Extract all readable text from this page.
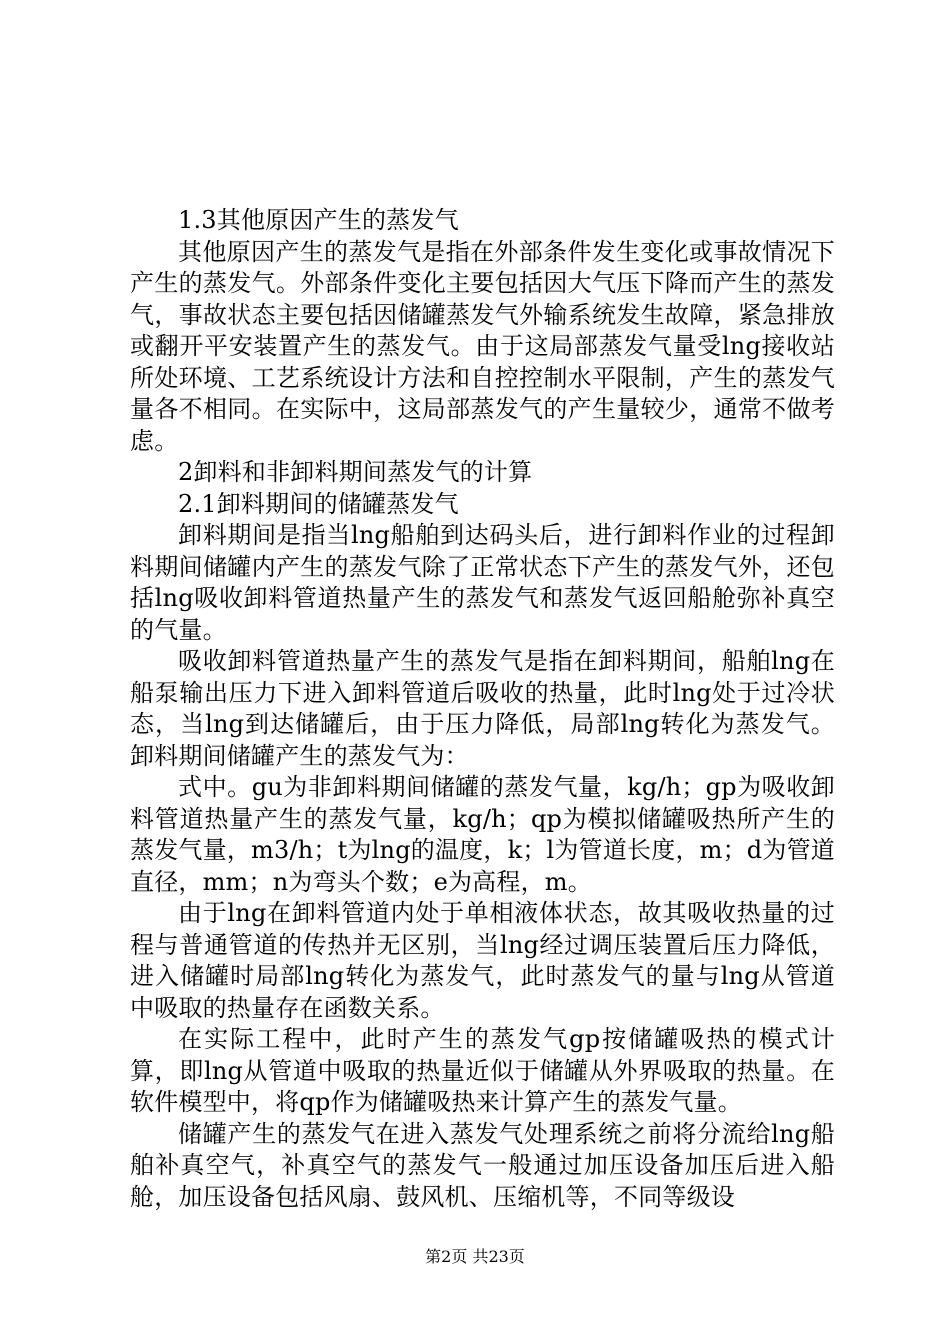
1.3其他原因产生的蒸发气

其他原因产生的蒸发气是指在外部条件发生变化或事故情况下产生的蒸发气。外部条件变化主要包括因大气压下降而产生的蒸发气，事故状态主要包括因储罐蒸发气外输系统发生故障，紧急排放或翻开平安装置产生的蒸发气。由于这局部蒸发气量受lng接收站所处环境、工艺系统设计方法和自控控制水平限制，产生的蒸发气量各不相同。在实际中，这局部蒸发气的产生量较少，通常不做考虑。

2卸料和非卸料期间蒸发气的计算

2.1卸料期间的储罐蒸发气

卸料期间是指当lng船舶到达码头后，进行卸料作业的过程卸料期间储罐内产生的蒸发气除了正常状态下产生的蒸发气外，还包括lng吸收卸料管道热量产生的蒸发气和蒸发气返回船舱弥补真空的气量。

吸收卸料管道热量产生的蒸发气是指在卸料期间，船舶lng在船泵输出压力下进入卸料管道后吸收的热量，此时lng处于过冷状态，当lng到达储罐后，由于压力降低，局部lng转化为蒸发气。卸料期间储罐产生的蒸发气为：

式中。gu为非卸料期间储罐的蒸发气量，kg/h；gp为吸收卸料管道热量产生的蒸发气量，kg/h；qp为模拟储罐吸热所产生的蒸发气量，m3/h；t为lng的温度，k；l为管道长度，m；d为管道直径，mm；n为弯头个数；e为高程，m。

由于lng在卸料管道内处于单相液体状态，故其吸收热量的过程与普通管道的传热并无区别，当lng经过调压装置后压力降低，进入储罐时局部lng转化为蒸发气，此时蒸发气的量与lng从管道中吸取的热量存在函数关系。

在实际工程中，此时产生的蒸发气gp按储罐吸热的模式计算，即lng从管道中吸取的热量近似于储罐从外界吸取的热量。在软件模型中，将qp作为储罐吸热来计算产生的蒸发气量。

储罐产生的蒸发气在进入蒸发气处理系统之前将分流给lng船舶补真空气，补真空气的蒸发气一般通过加压设备加压后进入船舱，加压设备包括风扇、鼓风机、压缩机等，不同等级设

第2页 共23页
